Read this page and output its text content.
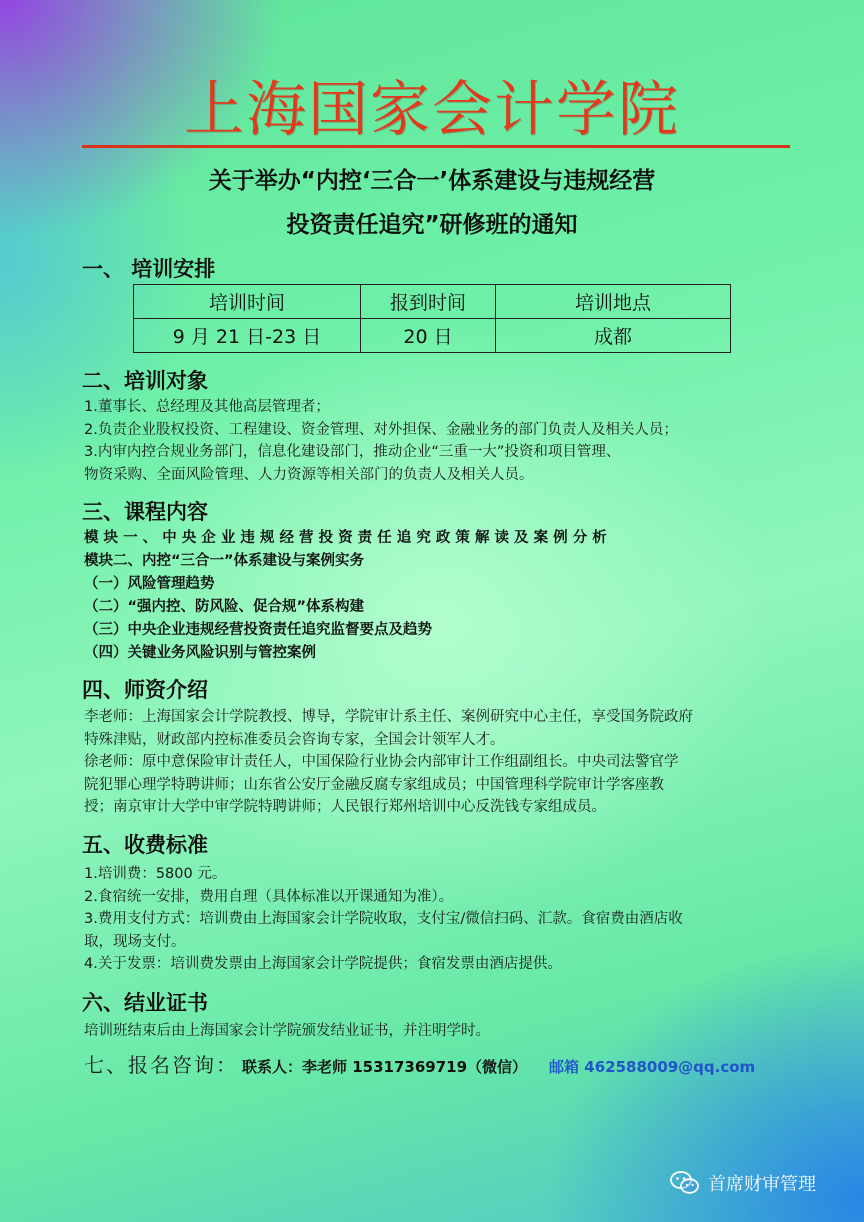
上海国家会计学院
关于举办“内控‘三合一’体系建设与违规经营
投资责任追究”研修班的通知
一、 培训安排
培训时间	报到时间	培训地点
9 月 21 日-23 日	20 日	成都
二、培训对象
1.董事长、总经理及其他高层管理者；
2.负责企业股权投资、工程建设、资金管理、对外担保、金融业务的部门负责人及相关人员；
3.内审内控合规业务部门，信息化建设部门，推动企业“三重一大”投资和项目管理、
物资采购、全面风险管理、人力资源等相关部门的负责人及相关人员。
三、课程内容
模 块 一 、 中 央 企 业 违 规 经 营 投 资 责 任 追 究 政 策 解 读 及 案 例 分 析
模块二、内控“三合一”体系建设与案例实务
（一）风险管理趋势
（二）“强内控、防风险、促合规”体系构建
（三）中央企业违规经营投资责任追究监督要点及趋势
（四）关键业务风险识别与管控案例
四、师资介绍
李老师：上海国家会计学院教授、博导，学院审计系主任、案例研究中心主任，享受国务院政府
特殊津贴，财政部内控标准委员会咨询专家，全国会计领军人才。
徐老师：原中意保险审计责任人，中国保险行业协会内部审计工作组副组长。中央司法警官学
院犯罪心理学特聘讲师；山东省公安厅金融反腐专家组成员；中国管理科学院审计学客座教
授；南京审计大学中审学院特聘讲师；人民银行郑州培训中心反洗钱专家组成员。
五、收费标准
1.培训费：5800 元。
2.食宿统一安排，费用自理（具体标准以开课通知为准）。
3.费用支付方式：培训费由上海国家会计学院收取，支付宝/微信扫码、汇款。食宿费由酒店收
取，现场支付。
4.关于发票：培训费发票由上海国家会计学院提供；食宿发票由酒店提供。
六、结业证书
培训班结束后由上海国家会计学院颁发结业证书，并注明学时。
七、报名咨询： 联系人：李老师 15317369719（微信） 邮箱 462588009@qq.com
首席财审管理
